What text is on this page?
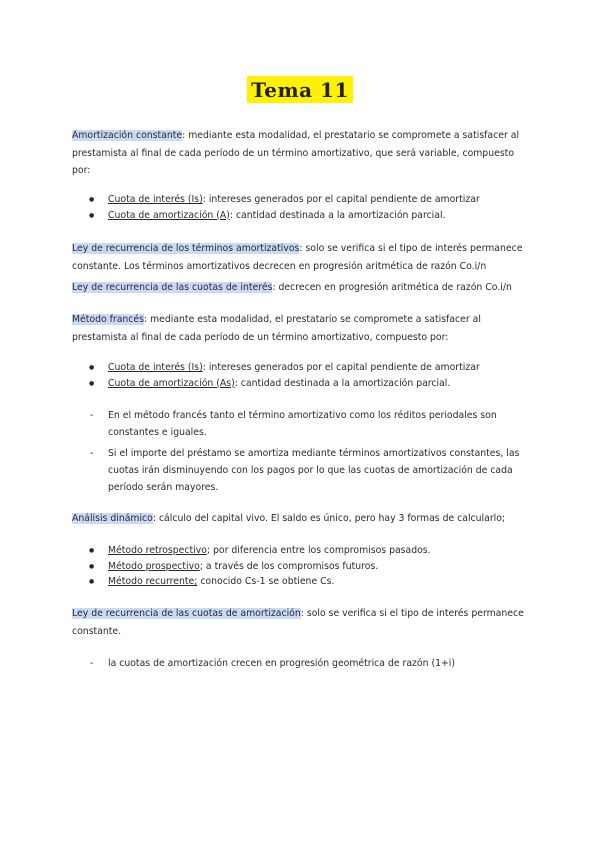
Tema 11
Amortización constante: mediante esta modalidad, el prestatario se compromete a satisfacer al prestamista al final de cada período de un término amortizativo, que será variable, compuesto por:
● Cuota de interés (Is): intereses generados por el capital pendiente de amortizar
● Cuota de amortización (A): cantidad destinada a la amortización parcial.
Ley de recurrencia de los términos amortizativos: solo se verifica si el tipo de interés permanece constante. Los términos amortizativos decrecen en progresión aritmética de razón Co.i/n
Ley de recurrencia de las cuotas de interés: decrecen en progresión aritmética de razón Co.i/n
Método francés: mediante esta modalidad, el prestatario se compromete a satisfacer al prestamista al final de cada período de un término amortizativo, compuesto por:
● Cuota de interés (Is): intereses generados por el capital pendiente de amortizar
● Cuota de amortización (As): cantidad destinada a la amortización parcial.
- En el método francés tanto el término amortizativo como los réditos periodales son constantes e iguales.
- Si el importe del préstamo se amortiza mediante términos amortizativos constantes, las cuotas irán disminuyendo con los pagos por lo que las cuotas de amortización de cada período serán mayores.
Análisis dinámico: cálculo del capital vivo. El saldo es único, pero hay 3 formas de calcularlo;
● Método retrospectivo; por diferencia entre los compromisos pasados.
● Método prospectivo; a través de los compromisos futuros.
● Método recurrente; conocido Cs-1 se obtiene Cs.
Ley de recurrencia de las cuotas de amortización: solo se verifica si el tipo de interés permanece constante.
- la cuotas de amortización crecen en progresión geométrica de razón (1+i)
